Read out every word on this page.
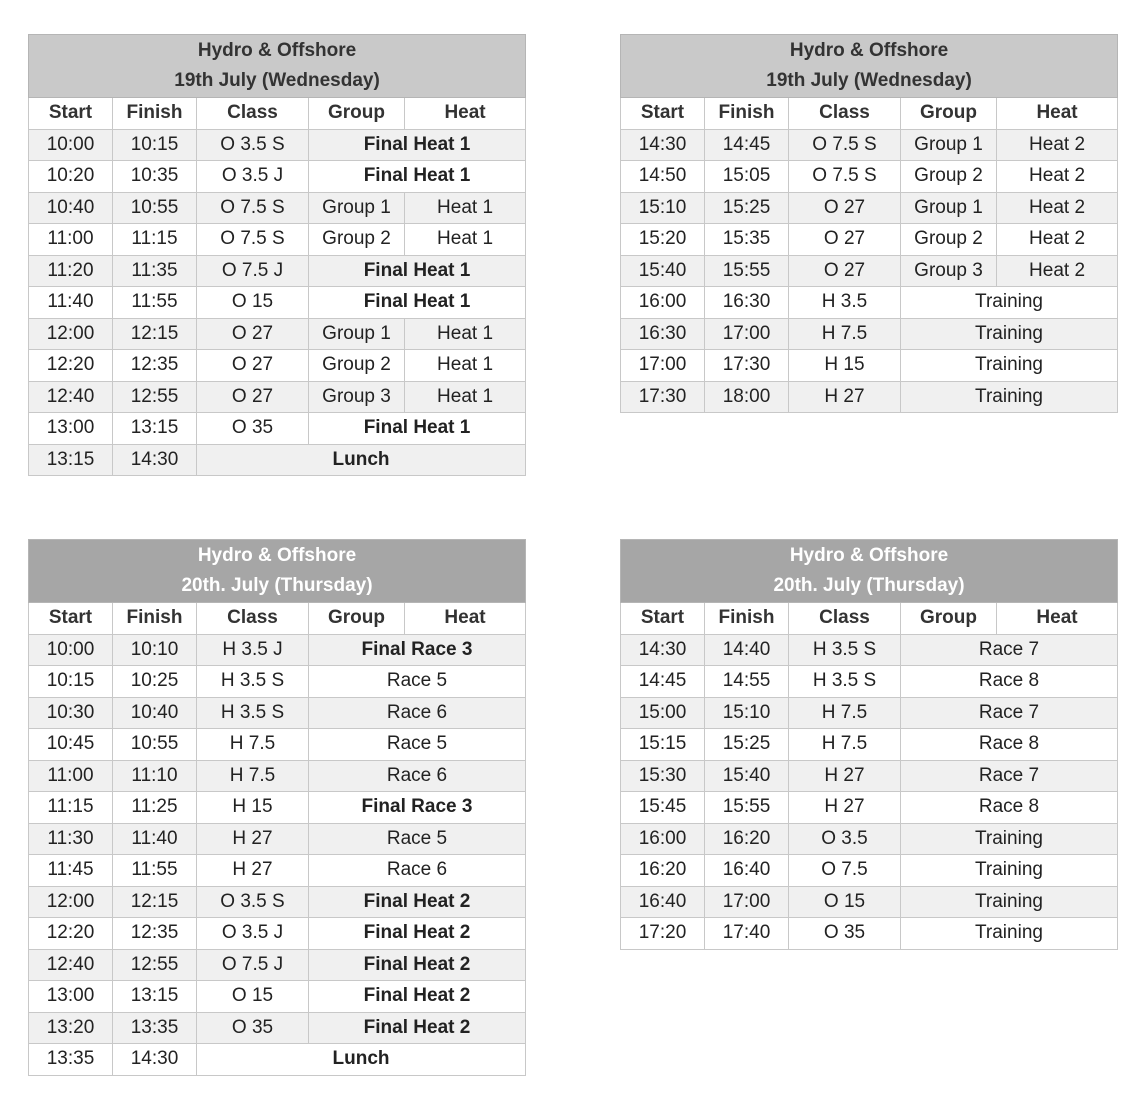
Hydro & Offshore
19th July (Wednesday)				

Start	Finish	Class	Group	Heat
10:00	10:15	O 3.5 S	Final Heat 1	
10:20	10:35	O 3.5 J	Final Heat 1	
10:40	10:55	O 7.5 S	Group 1	Heat 1
11:00	11:15	O 7.5 S	Group 2	Heat 1
11:20	11:35	O 7.5 J	Final Heat 1	
11:40	11:55	O 15	Final Heat 1	
12:00	12:15	O 27	Group 1	Heat 1
12:20	12:35	O 27	Group 2	Heat 1
12:40	12:55	O 27	Group 3	Heat 1
13:00	13:15	O 35	Final Heat 1	
13:15	14:30	Lunch		
Hydro & Offshore
19th July (Wednesday)				

Start	Finish	Class	Group	Heat
14:30	14:45	O 7.5 S	Group 1	Heat 2
14:50	15:05	O 7.5 S	Group 2	Heat 2
15:10	15:25	O 27	Group 1	Heat 2
15:20	15:35	O 27	Group 2	Heat 2
15:40	15:55	O 27	Group 3	Heat 2
16:00	16:30	H 3.5	Training	
16:30	17:00	H 7.5	Training	
17:00	17:30	H 15	Training	
17:30	18:00	H 27	Training	
Hydro & Offshore
20th. July (Thursday)				

Start	Finish	Class	Group	Heat
10:00	10:10	H 3.5 J	Final Race 3	
10:15	10:25	H 3.5 S	Race 5	
10:30	10:40	H 3.5 S	Race 6	
10:45	10:55	H 7.5	Race 5	
11:00	11:10	H 7.5	Race 6	
11:15	11:25	H 15	Final Race 3	
11:30	11:40	H 27	Race 5	
11:45	11:55	H 27	Race 6	
12:00	12:15	O 3.5 S	Final Heat 2	
12:20	12:35	O 3.5 J	Final Heat 2	
12:40	12:55	O 7.5 J	Final Heat 2	
13:00	13:15	O 15	Final Heat 2	
13:20	13:35	O 35	Final Heat 2	
13:35	14:30	Lunch		
Hydro & Offshore
20th. July (Thursday)				

Start	Finish	Class	Group	Heat
14:30	14:40	H 3.5 S	Race 7	
14:45	14:55	H 3.5 S	Race 8	
15:00	15:10	H 7.5	Race 7	
15:15	15:25	H 7.5	Race 8	
15:30	15:40	H 27	Race 7	
15:45	15:55	H 27	Race 8	
16:00	16:20	O 3.5	Training	
16:20	16:40	O 7.5	Training	
16:40	17:00	O 15	Training	
17:20	17:40	O 35	Training	
